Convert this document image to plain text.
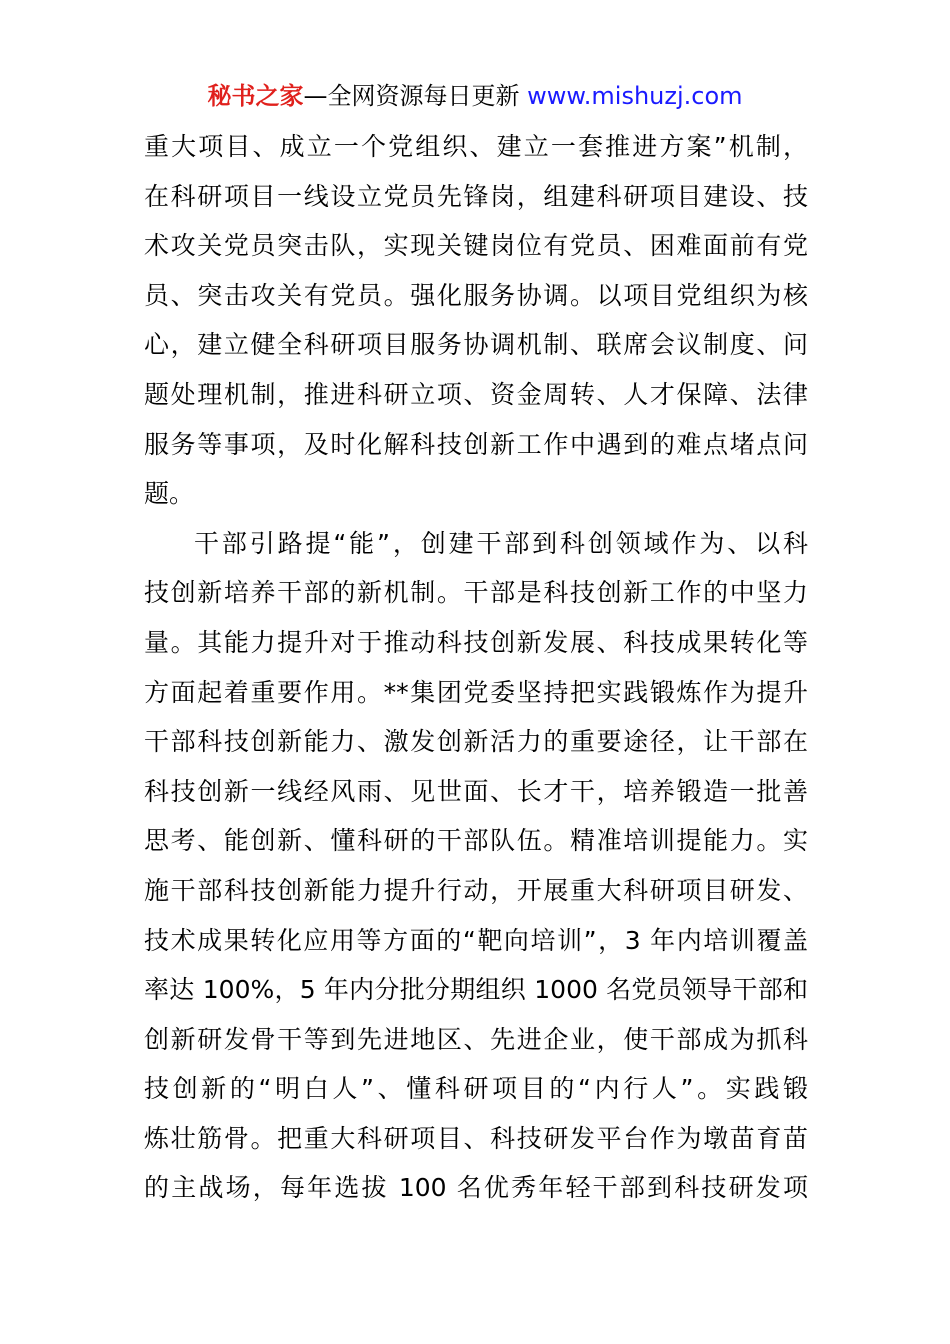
秘书之家—全网资源每日更新 www.mishuzj.com
重大项目、成立一个党组织、建立一套推进方案”机制，
在科研项目一线设立党员先锋岗，组建科研项目建设、技
术攻关党员突击队，实现关键岗位有党员、困难面前有党
员、突击攻关有党员。强化服务协调。以项目党组织为核
心，建立健全科研项目服务协调机制、联席会议制度、问
题处理机制，推进科研立项、资金周转、人才保障、法律
服务等事项，及时化解科技创新工作中遇到的难点堵点问
题。
干部引路提“能”，创建干部到科创领域作为、以科
技创新培养干部的新机制。干部是科技创新工作的中坚力
量。其能力提升对于推动科技创新发展、科技成果转化等
方面起着重要作用。**集团党委坚持把实践锻炼作为提升
干部科技创新能力、激发创新活力的重要途径，让干部在
科技创新一线经风雨、见世面、长才干，培养锻造一批善
思考、能创新、懂科研的干部队伍。精准培训提能力。实
施干部科技创新能力提升行动，开展重大科研项目研发、
技术成果转化应用等方面的“靶向培训”，3 年内培训覆盖
率达 100%，5 年内分批分期组织 1000 名党员领导干部和
创新研发骨干等到先进地区、先进企业，使干部成为抓科
技创新的“明白人”、懂科研项目的“内行人”。实践锻
炼壮筋骨。把重大科研项目、科技研发平台作为墩苗育苗
的主战场，每年选拔 100 名优秀年轻干部到科技研发项
